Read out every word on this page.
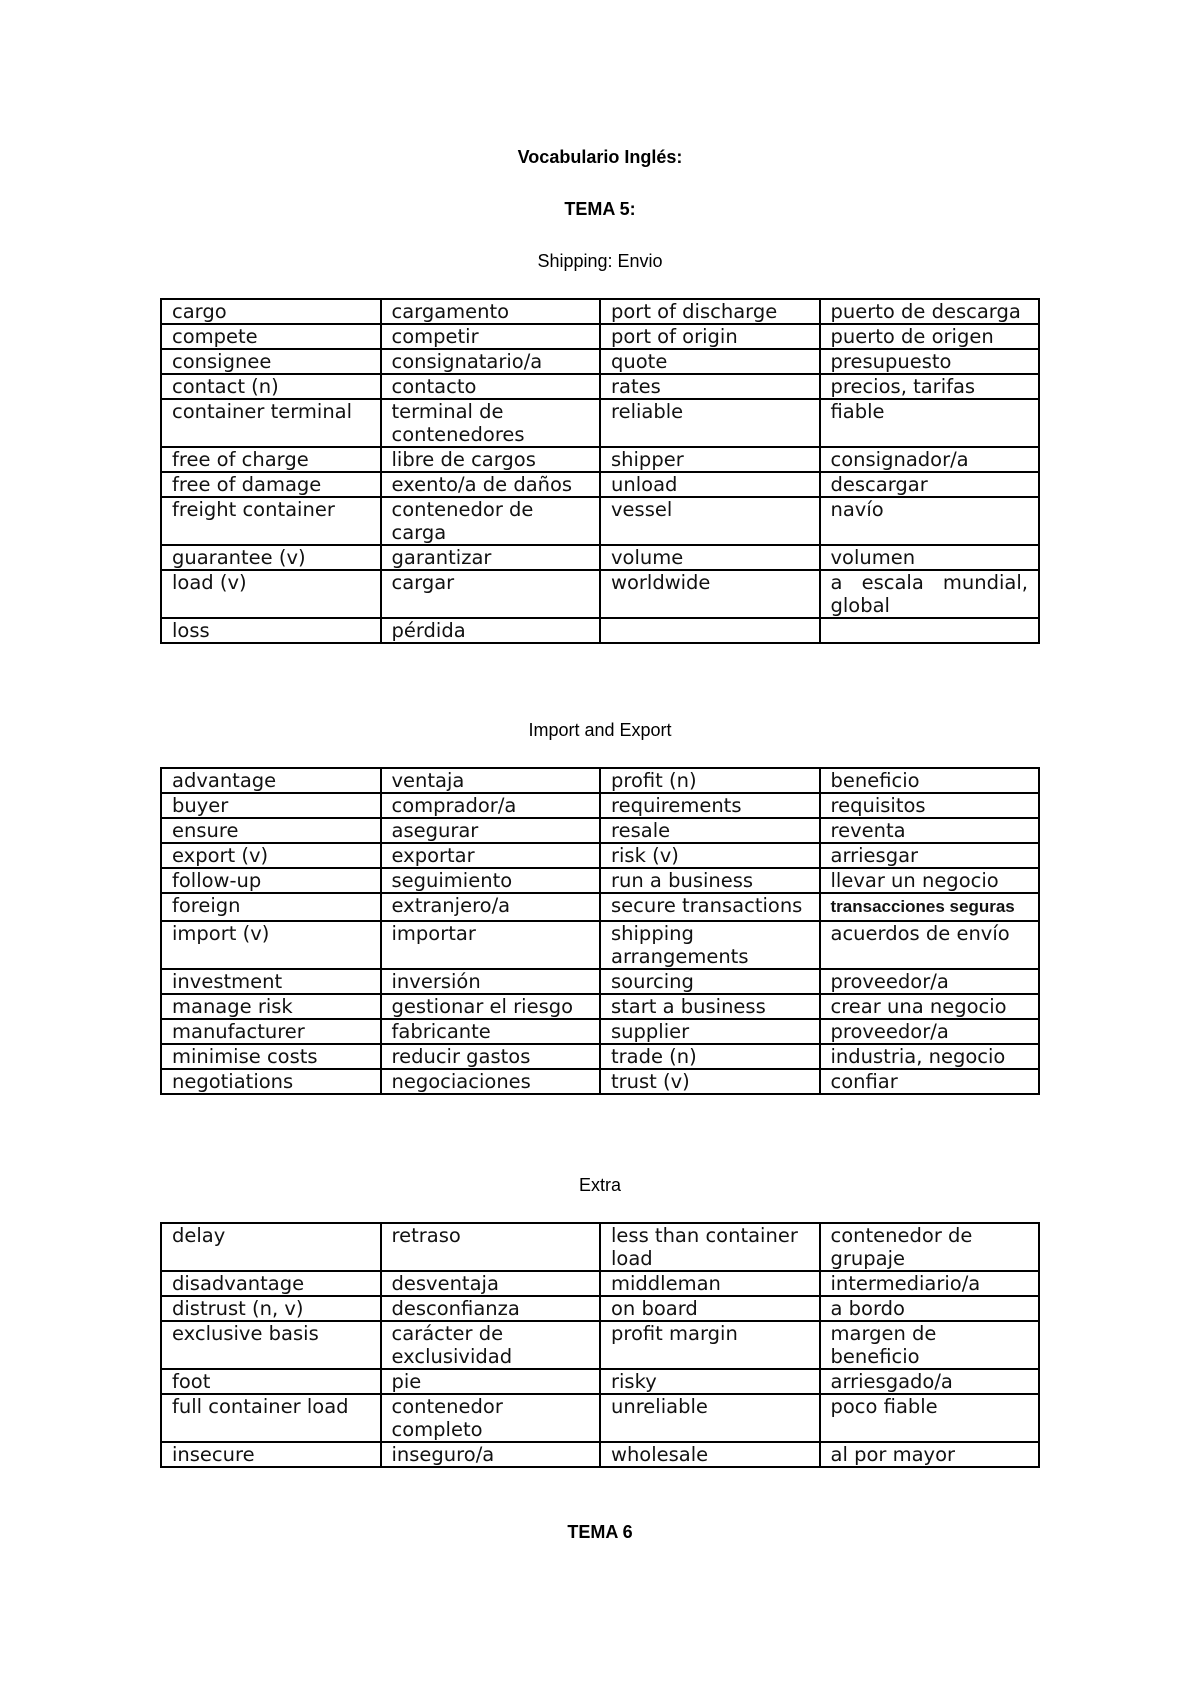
Vocabulario Inglés:
TEMA 5:
Shipping: Envio
cargo	cargamento	port of discharge	puerto de descarga
compete	competir	port of origin	puerto de origen
consignee	consignatario/a	quote	presupuesto
contact (n)	contacto	rates	precios, tarifas
container terminal	terminal de contenedores	reliable	fiable
free of charge	libre de cargos	shipper	consignador/a
free of damage	exento/a de daños	unload	descargar
freight container	contenedor de carga	vessel	navío
guarantee (v)	garantizar	volume	volumen
load (v)	cargar	worldwide	a escala mundial, global
loss	pérdida		
Import and Export
advantage	ventaja	profit (n)	beneficio
buyer	comprador/a	requirements	requisitos
ensure	asegurar	resale	reventa
export (v)	exportar	risk (v)	arriesgar
follow-up	seguimiento	run a business	llevar un negocio
foreign	extranjero/a	secure transactions	transacciones seguras
import (v)	importar	shipping arrangements	acuerdos de envío
investment	inversión	sourcing	proveedor/a
manage risk	gestionar el riesgo	start a business	crear una negocio
manufacturer	fabricante	supplier	proveedor/a
minimise costs	reducir gastos	trade (n)	industria, negocio
negotiations	negociaciones	trust (v)	confiar
Extra
delay	retraso	less than container load	contenedor de grupaje
disadvantage	desventaja	middleman	intermediario/a
distrust (n, v)	desconfianza	on board	a bordo
exclusive basis	carácter de exclusividad	profit margin	margen de beneficio
foot	pie	risky	arriesgado/a
full container load	contenedor completo	unreliable	poco fiable
insecure	inseguro/a	wholesale	al por mayor
TEMA 6
